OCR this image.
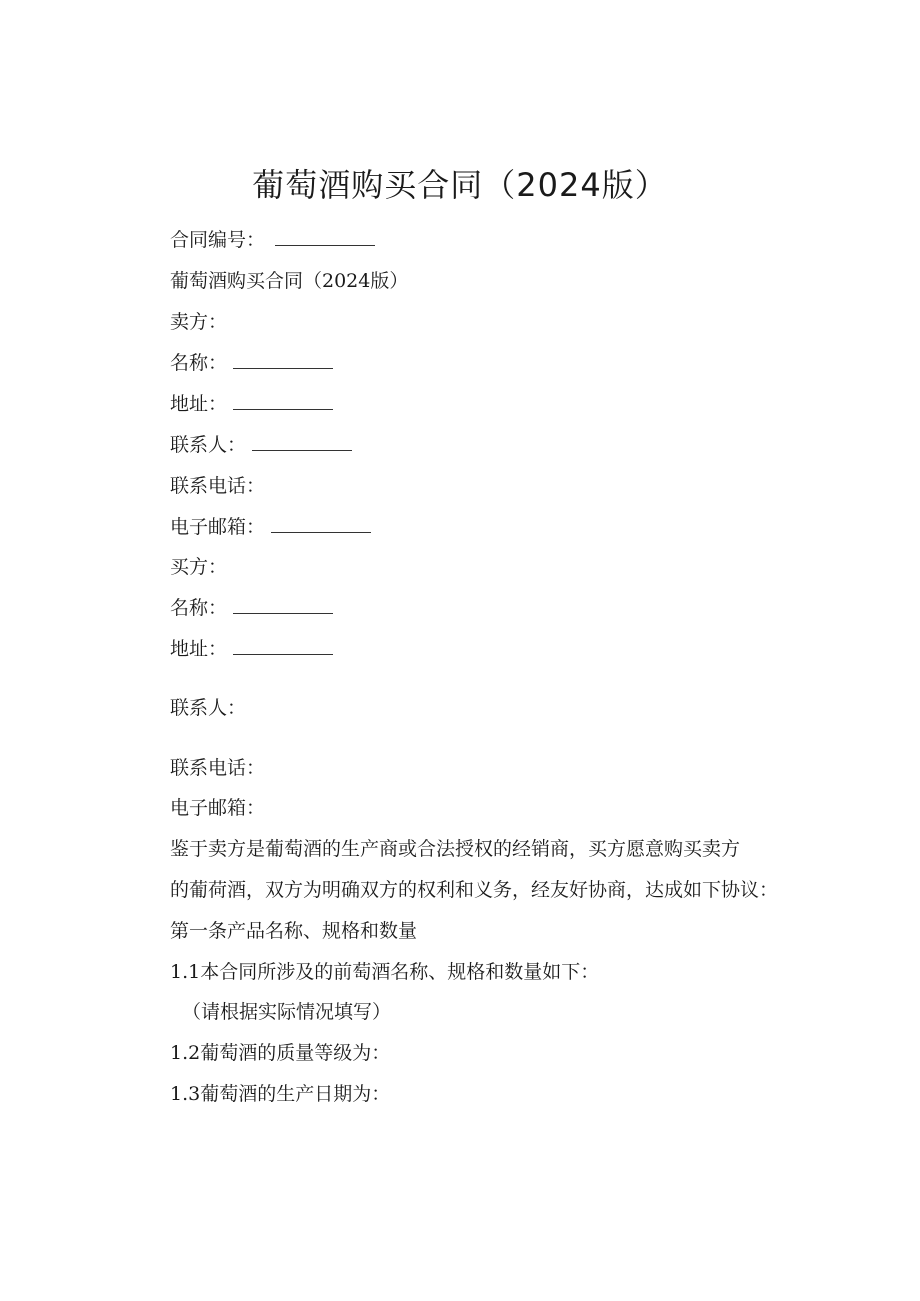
葡萄酒购买合同（2024版）
合同编号：
葡萄酒购买合同（2024版）
卖方：
名称：
地址：
联系人：
联系电话：
电子邮箱：
买方：
名称：
地址：
联系人：
联系电话：
电子邮箱：
鉴于卖方是葡萄酒的生产商或合法授权的经销商，买方愿意购买卖方
的葡荷酒，双方为明确双方的权利和义务，经友好协商，达成如下协议：
第一条产品名称、规格和数量
1.1本合同所涉及的前萄酒名称、规格和数量如下：
（请根据实际情况填写）
1.2葡萄酒的质量等级为：
1.3葡萄酒的生产日期为：
